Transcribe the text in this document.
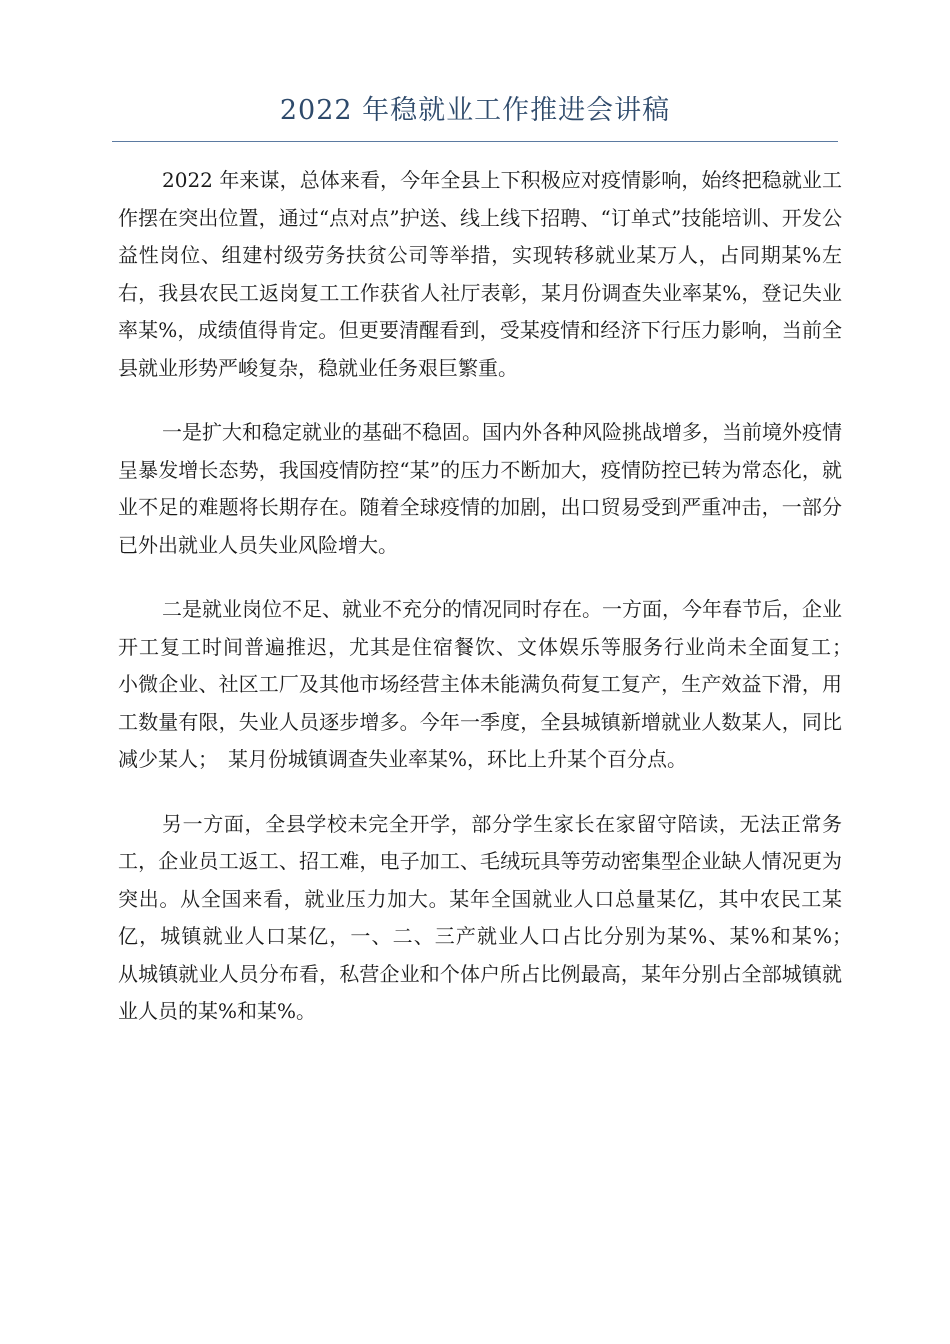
2022 年稳就业工作推进会讲稿

2022 年来谋，总体来看，今年全县上下积极应对疫情影响，始终把稳就业工作摆在突出位置，通过“点对点”护送、线上线下招聘、“订单式”技能培训、开发公益性岗位、组建村级劳务扶贫公司等举措，实现转移就业某万人，占同期某%左右，我县农民工返岗复工工作获省人社厅表彰，某月份调查失业率某%，登记失业率某%，成绩值得肯定。但更要清醒看到，受某疫情和经济下行压力影响，当前全县就业形势严峻复杂，稳就业任务艰巨繁重。

一是扩大和稳定就业的基础不稳固。国内外各种风险挑战增多，当前境外疫情呈暴发增长态势，我国疫情防控“某”的压力不断加大，疫情防控已转为常态化，就业不足的难题将长期存在。随着全球疫情的加剧，出口贸易受到严重冲击，一部分已外出就业人员失业风险增大。

二是就业岗位不足、就业不充分的情况同时存在。一方面，今年春节后，企业开工复工时间普遍推迟，尤其是住宿餐饮、文体娱乐等服务行业尚未全面复工；　小微企业、社区工厂及其他市场经营主体未能满负荷复工复产，生产效益下滑，用工数量有限，失业人员逐步增多。今年一季度，全县城镇新增就业人数某人，同比减少某人；　某月份城镇调查失业率某%，环比上升某个百分点。

另一方面，全县学校未完全开学，部分学生家长在家留守陪读，无法正常务工，企业员工返工、招工难，电子加工、毛绒玩具等劳动密集型企业缺人情况更为突出。从全国来看，就业压力加大。某年全国就业人口总量某亿，其中农民工某亿，城镇就业人口某亿，一、二、三产就业人口占比分别为某%、某%和某%；　从城镇就业人员分布看，私营企业和个体户所占比例最高，某年分别占全部城镇就业人员的某%和某%。
